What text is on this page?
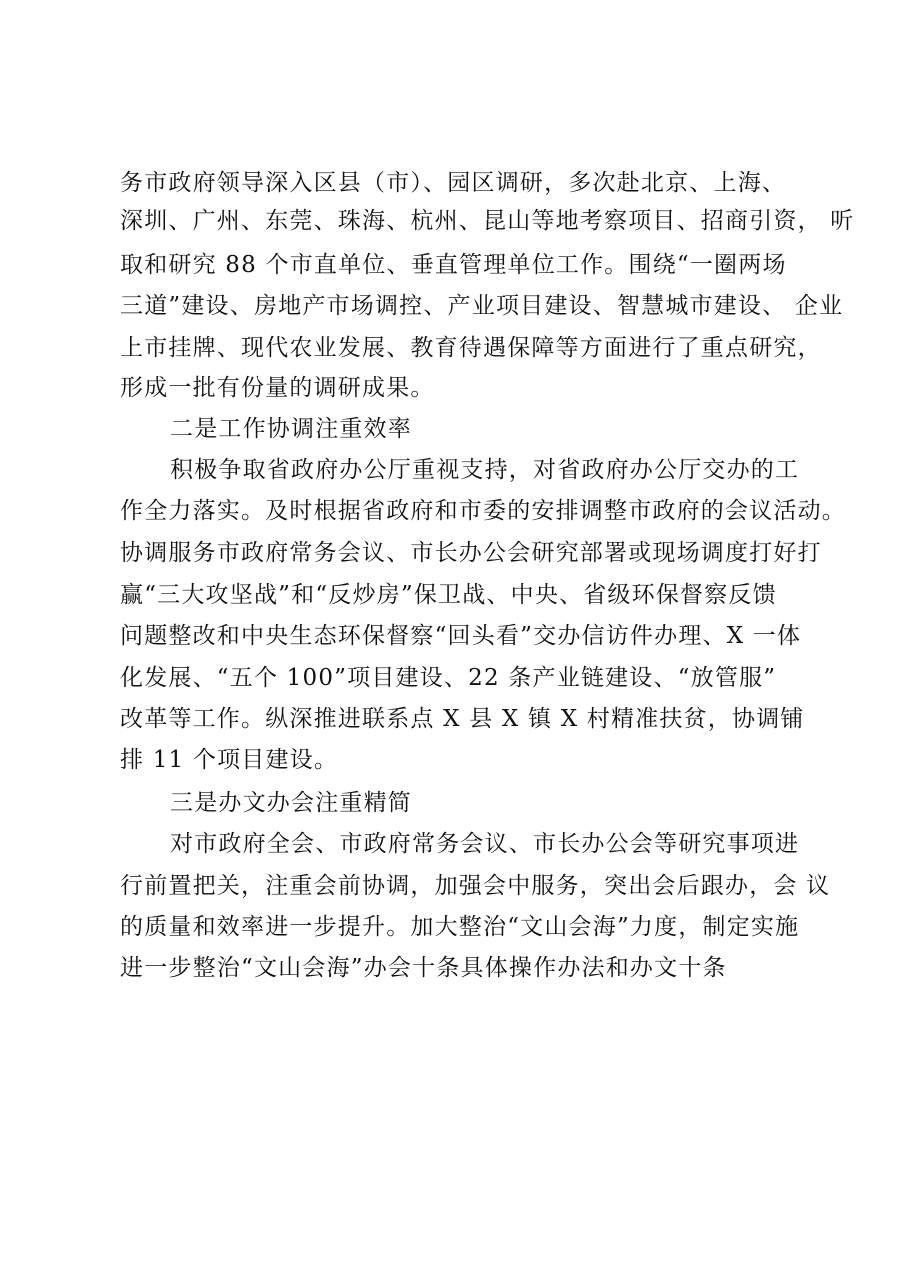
务市政府领导深入区县（市）、园区调研，多次赴北京、上海、
深圳、广州、东莞、珠海、杭州、昆山等地考察项目、招商引资， 听
取和研究 88 个市直单位、垂直管理单位工作。围绕“一圈两场
三道”建设、房地产市场调控、产业项目建设、智慧城市建设、 企业
上市挂牌、现代农业发展、教育待遇保障等方面进行了重点研究，
形成一批有份量的调研成果。
二是工作协调注重效率
积极争取省政府办公厅重视支持，对省政府办公厅交办的工
作全力落实。及时根据省政府和市委的安排调整市政府的会议活动。
协调服务市政府常务会议、市长办公会研究部署或现场调度打好打
赢“三大攻坚战”和“反炒房”保卫战、中央、省级环保督察反馈
问题整改和中央生态环保督察“回头看”交办信访件办理、X 一体
化发展、“五个 100”项目建设、22 条产业链建设、“放管服”
改革等工作。纵深推进联系点 X 县 X 镇 X 村精准扶贫，协调铺
排 11 个项目建设。
三是办文办会注重精简
对市政府全会、市政府常务会议、市长办公会等研究事项进
行前置把关，注重会前协调，加强会中服务，突出会后跟办，会 议
的质量和效率进一步提升。加大整治“文山会海”力度，制定实施
进一步整治“文山会海”办会十条具体操作办法和办文十条
